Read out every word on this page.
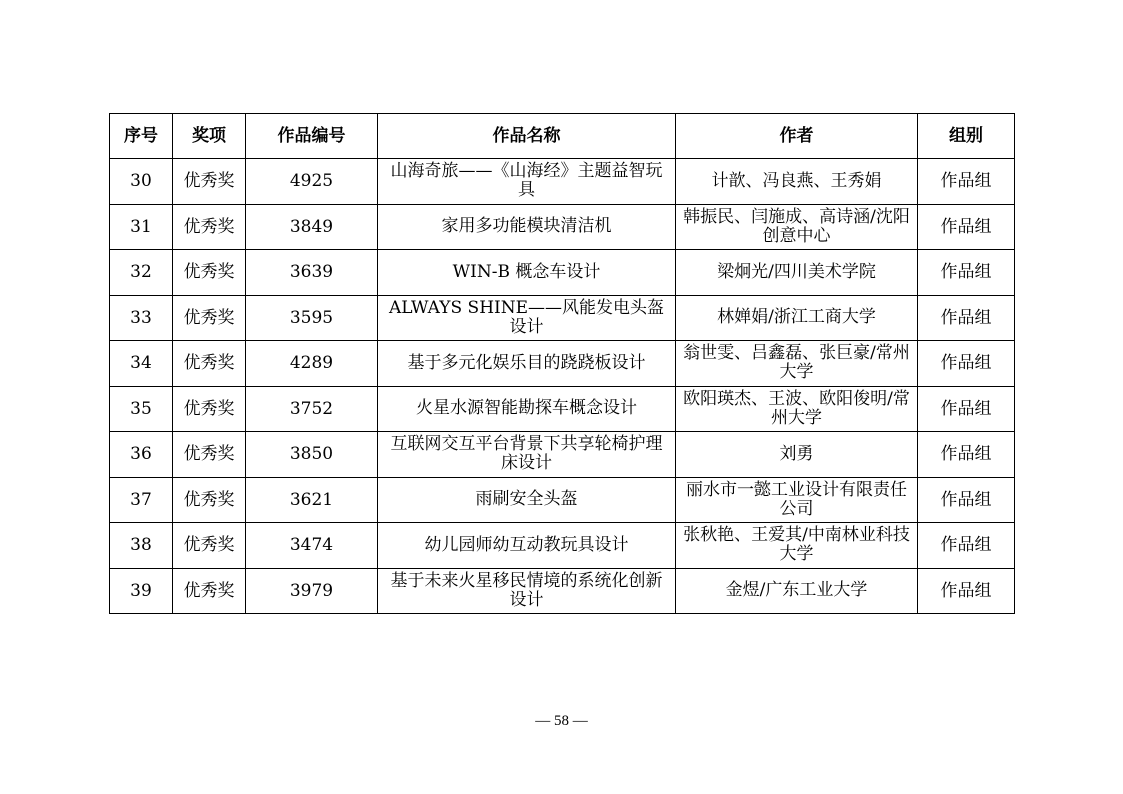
序号	奖项	作品编号	作品名称	作者	组别
30	优秀奖	4925	山海奇旅——《山海经》主题益智玩具	计歆、冯良燕、王秀娟	作品组
31	优秀奖	3849	家用多功能模块清洁机	韩振民、闫施成、高诗涵/沈阳创意中心	作品组
32	优秀奖	3639	WIN-B 概念车设计	梁炯光/四川美术学院	作品组
33	优秀奖	3595	ALWAYS SHINE——风能发电头盔设计	林婵娟/浙江工商大学	作品组
34	优秀奖	4289	基于多元化娱乐目的跷跷板设计	翁世雯、吕鑫磊、张巨豪/常州大学	作品组
35	优秀奖	3752	火星水源智能勘探车概念设计	欧阳瑛杰、王波、欧阳俊明/常州大学	作品组
36	优秀奖	3850	互联网交互平台背景下共享轮椅护理床设计	刘勇	作品组
37	优秀奖	3621	雨刷安全头盔	丽水市一懿工业设计有限责任公司	作品组
38	优秀奖	3474	幼儿园师幼互动教玩具设计	张秋艳、王爱其/中南林业科技大学	作品组
39	优秀奖	3979	基于未来火星移民情境的系统化创新设计	金煜/广东工业大学	作品组
— 58 —
